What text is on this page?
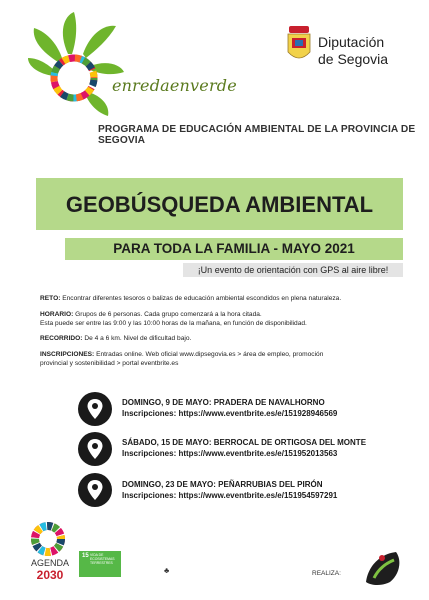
enredaenverde
Diputación
de Segovia
PROGRAMA DE EDUCACIÓN AMBIENTAL DE LA PROVINCIA DE SEGOVIA
GEOBÚSQUEDA AMBIENTAL
PARA TODA LA FAMILIA - MAYO 2021
¡Un evento de orientación con GPS al aire libre!
RETO: Encontrar diferentes tesoros o balizas de educación ambiental escondidos en plena naturaleza.
HORARIO: Grupos de 6 personas. Cada grupo comenzará a la hora citada.
Esta puede ser entre las 9:00 y las 10:00 horas de la mañana, en función de disponibilidad.
RECORRIDO: De 4 a 6 km. Nivel de dificultad bajo.
INSCRIPCIONES: Entradas online. Web oficial www.dipsegovia.es > área de empleo, promoción
provincial y sostenibilidad > portal eventbrite.es
DOMINGO, 9 DE MAYO: PRADERA DE NAVALHORNO
Inscripciones: https://www.eventbrite.es/e/151928946569
SÁBADO, 15 DE MAYO: BERROCAL DE ORTIGOSA DEL MONTE
Inscripciones: https://www.eventbrite.es/e/151952013563
DOMINGO, 23 DE MAYO: PEÑARRUBIAS DEL PIRÓN
Inscripciones: https://www.eventbrite.es/e/151954597291
AGENDA
2030
15 VIDA DE ECOSISTEMAS TERRESTRES
♣	REALIZA:
